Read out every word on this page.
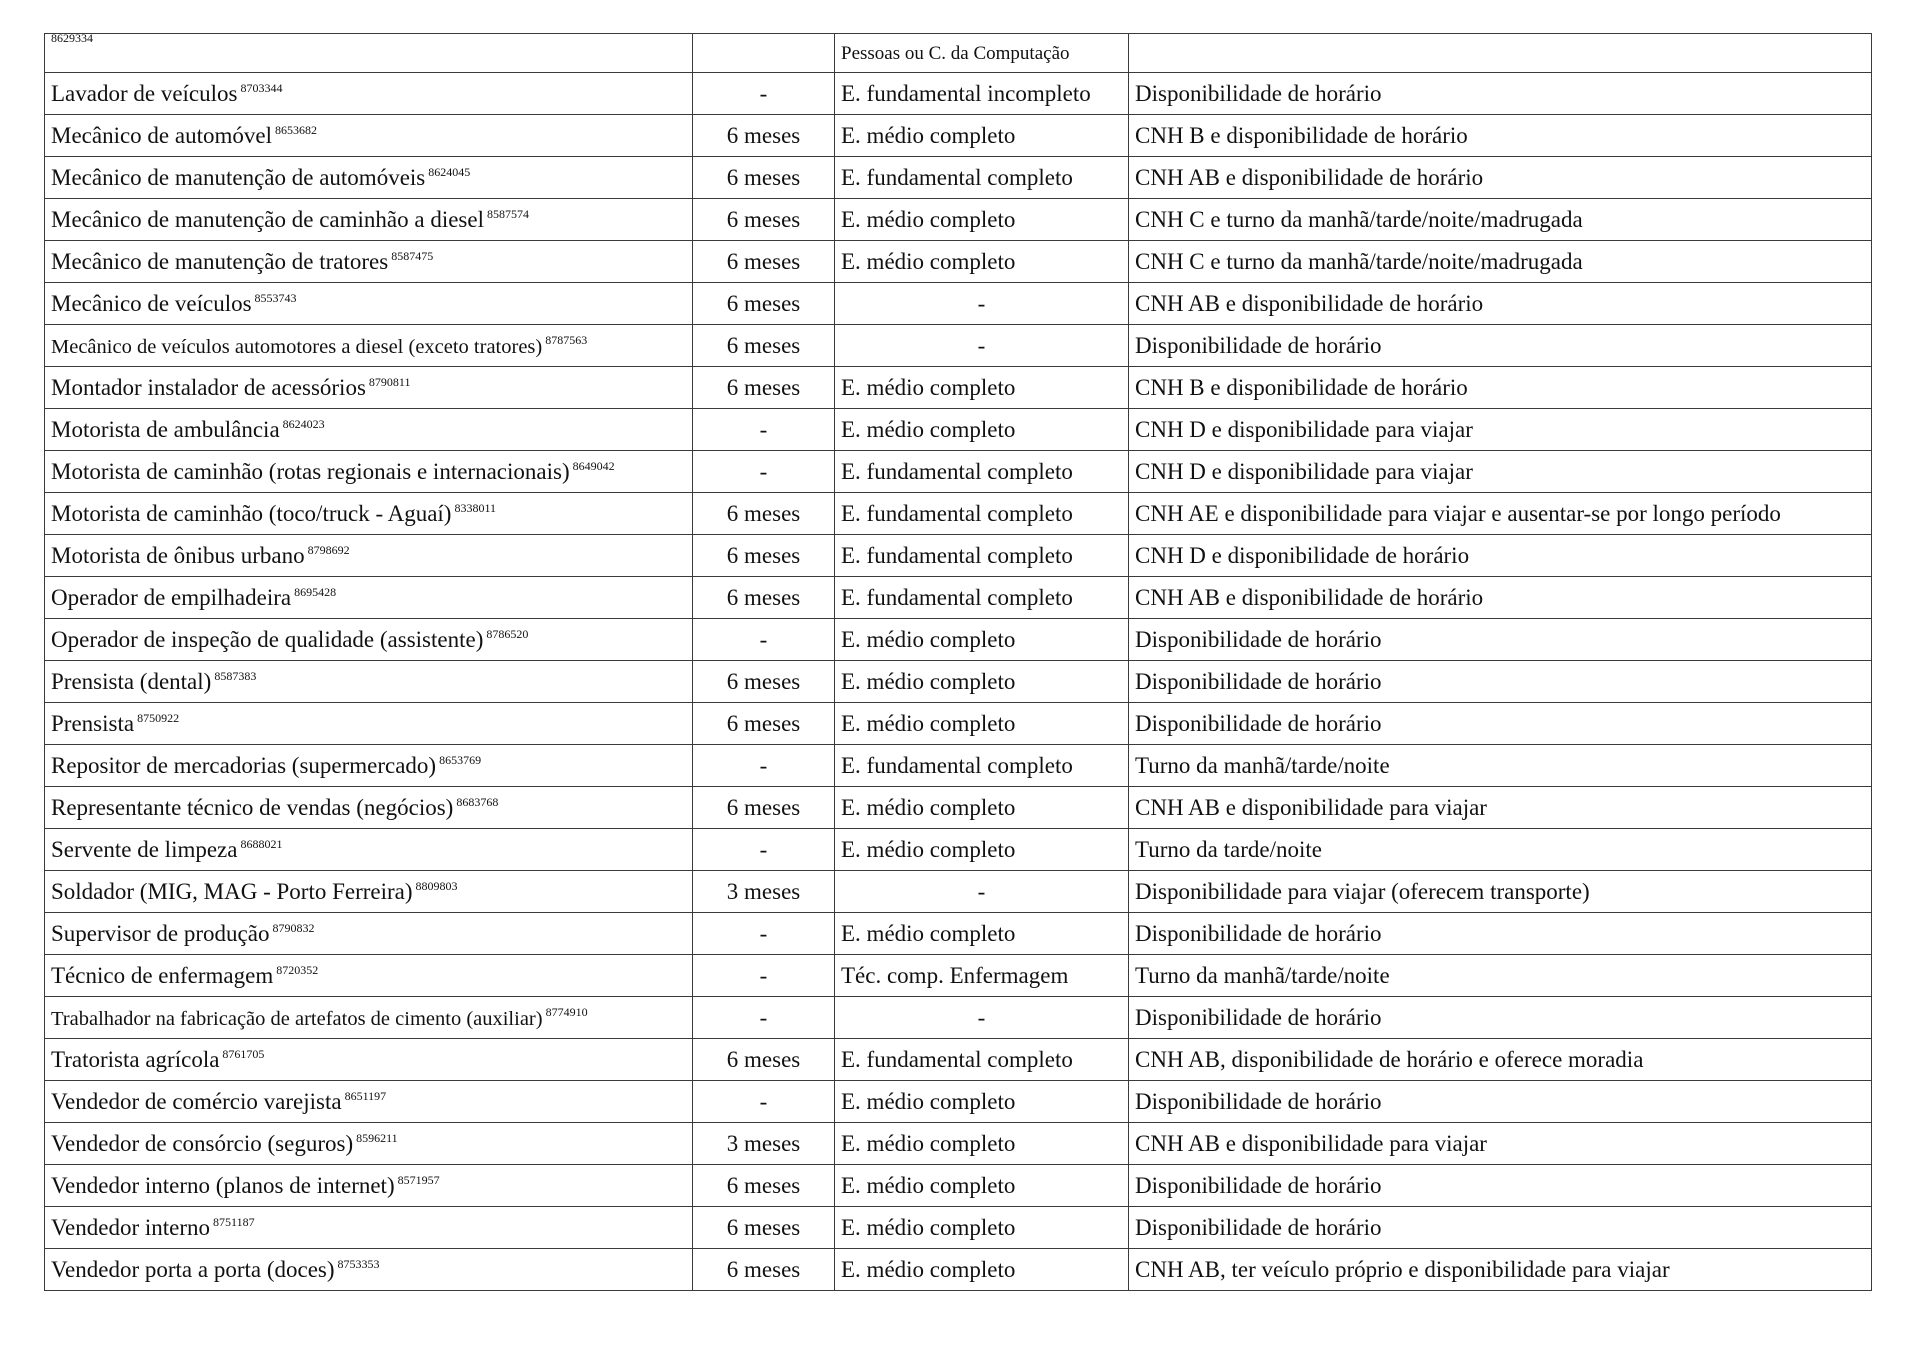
8629334		Pessoas ou C. da Computação	
Lavador de veículos $^{8703344}$	-	E. fundamental incompleto	Disponibilidade de horário
Mecânico de automóvel $^{8653682}$	6 meses	E. médio completo	CNH B e disponibilidade de horário
Mecânico de manutenção de automóveis $^{8624045}$	6 meses	E. fundamental completo	CNH AB e disponibilidade de horário
Mecânico de manutenção de caminhão a diesel $^{8587574}$	6 meses	E. médio completo	CNH C e turno da manhã/tarde/noite/madrugada
Mecânico de manutenção de tratores $^{8587475}$	6 meses	E. médio completo	CNH C e turno da manhã/tarde/noite/madrugada
Mecânico de veículos $^{8553743}$	6 meses	-	CNH AB e disponibilidade de horário
Mecânico de veículos automotores a diesel (exceto tratores) $^{8787563}$	6 meses	-	Disponibilidade de horário
Montador instalador de acessórios $^{8790811}$	6 meses	E. médio completo	CNH B e disponibilidade de horário
Motorista de ambulância $^{8624023}$	-	E. médio completo	CNH D e disponibilidade para viajar
Motorista de caminhão (rotas regionais e internacionais) $^{8649042}$	-	E. fundamental completo	CNH D e disponibilidade para viajar
Motorista de caminhão (toco/truck - Aguaí) $^{8338011}$	6 meses	E. fundamental completo	CNH AE e disponibilidade para viajar e ausentar-se por longo período
Motorista de ônibus urbano $^{8798692}$	6 meses	E. fundamental completo	CNH D e disponibilidade de horário
Operador de empilhadeira $^{8695428}$	6 meses	E. fundamental completo	CNH AB e disponibilidade de horário
Operador de inspeção de qualidade (assistente) $^{8786520}$	-	E. médio completo	Disponibilidade de horário
Prensista (dental) $^{8587383}$	6 meses	E. médio completo	Disponibilidade de horário
Prensista $^{8750922}$	6 meses	E. médio completo	Disponibilidade de horário
Repositor de mercadorias (supermercado) $^{8653769}$	-	E. fundamental completo	Turno da manhã/tarde/noite
Representante técnico de vendas (negócios) $^{8683768}$	6 meses	E. médio completo	CNH AB e disponibilidade para viajar
Servente de limpeza $^{8688021}$	-	E. médio completo	Turno da tarde/noite
Soldador (MIG, MAG - Porto Ferreira) $^{8809803}$	3 meses	-	Disponibilidade para viajar (oferecem transporte)
Supervisor de produção $^{8790832}$	-	E. médio completo	Disponibilidade de horário
Técnico de enfermagem $^{8720352}$	-	Téc. comp. Enfermagem	Turno da manhã/tarde/noite
Trabalhador na fabricação de artefatos de cimento (auxiliar) $^{8774910}$	-	-	Disponibilidade de horário
Tratorista agrícola $^{8761705}$	6 meses	E. fundamental completo	CNH AB, disponibilidade de horário e oferece moradia
Vendedor de comércio varejista $^{8651197}$	-	E. médio completo	Disponibilidade de horário
Vendedor de consórcio (seguros) $^{8596211}$	3 meses	E. médio completo	CNH AB e disponibilidade para viajar
Vendedor interno (planos de internet) $^{8571957}$	6 meses	E. médio completo	Disponibilidade de horário
Vendedor interno $^{8751187}$	6 meses	E. médio completo	Disponibilidade de horário
Vendedor porta a porta (doces) $^{8753353}$	6 meses	E. médio completo	CNH AB, ter veículo próprio e disponibilidade para viajar
